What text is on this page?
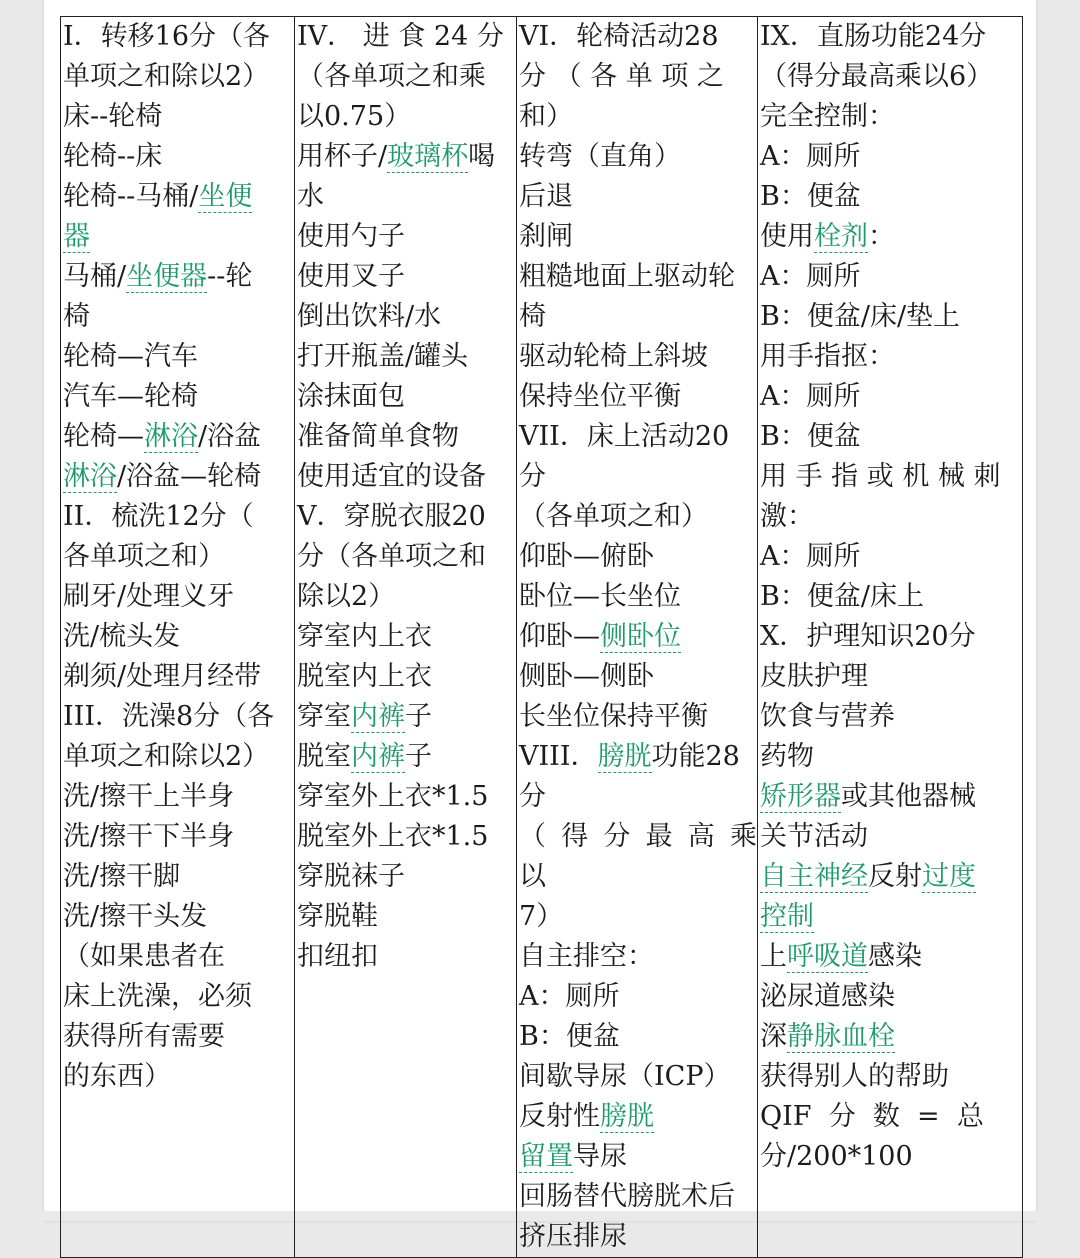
I．转移16分（各
单项之和除以2）
床--轮椅
轮椅--床
轮椅--马桶/坐便
器
马桶/坐便器--轮
椅
轮椅—汽车
汽车—轮椅
轮椅—淋浴/浴盆
淋浴/浴盆—轮椅
II．梳洗12分（
各单项之和）
刷牙/处理义牙
洗/梳头发
剃须/处理月经带
III．洗澡8分（各
单项之和除以2）
洗/擦干上半身
洗/擦干下半身
洗/擦干脚
洗/擦干头发
（如果患者在
床上洗澡，必须
获得所有需要
的东西）

IV． 进 食 24 分
（各单项之和乘
以0.75）
用杯子/玻璃杯喝
水
使用勺子
使用叉子
倒出饮料/水
打开瓶盖/罐头
涂抹面包
准备简单食物
使用适宜的设备
V．穿脱衣服20
分（各单项之和
除以2）
穿室内上衣
脱室内上衣
穿室内裤子
脱室内裤子
穿室外上衣*1.5
脱室外上衣*1.5
穿脱袜子
穿脱鞋
扣纽扣

VI．轮椅活动28
分 （ 各 单 项 之
和）
转弯（直角）
后退
刹闸
粗糙地面上驱动轮
椅
驱动轮椅上斜坡
保持坐位平衡
VII．床上活动20
分
（各单项之和）
仰卧—俯卧
卧位—长坐位
仰卧—侧卧位
侧卧—侧卧
长坐位保持平衡
VIII．膀胱功能28
分
（ 得 分 最 高 乘 以
7）
自主排空：
A：厕所
B：便盆
间歇导尿（ICP）
反射性膀胱
留置导尿
回肠替代膀胱术后
挤压排尿

IX．直肠功能24分
（得分最高乘以6）
完全控制：
A：厕所
B：便盆
使用栓剂：
A：厕所
B：便盆/床/垫上
用手指抠：
A：厕所
B：便盆
用 手 指 或 机 械 刺
激：
A：厕所
B：便盆/床上
X．护理知识20分
皮肤护理
饮食与营养
药物
矫形器或其他器械
关节活动
自主神经反射过度
控制
上呼吸道感染
泌尿道感染
深静脉血栓
获得别人的帮助
QIF  分  数  =  总
分/200*100
